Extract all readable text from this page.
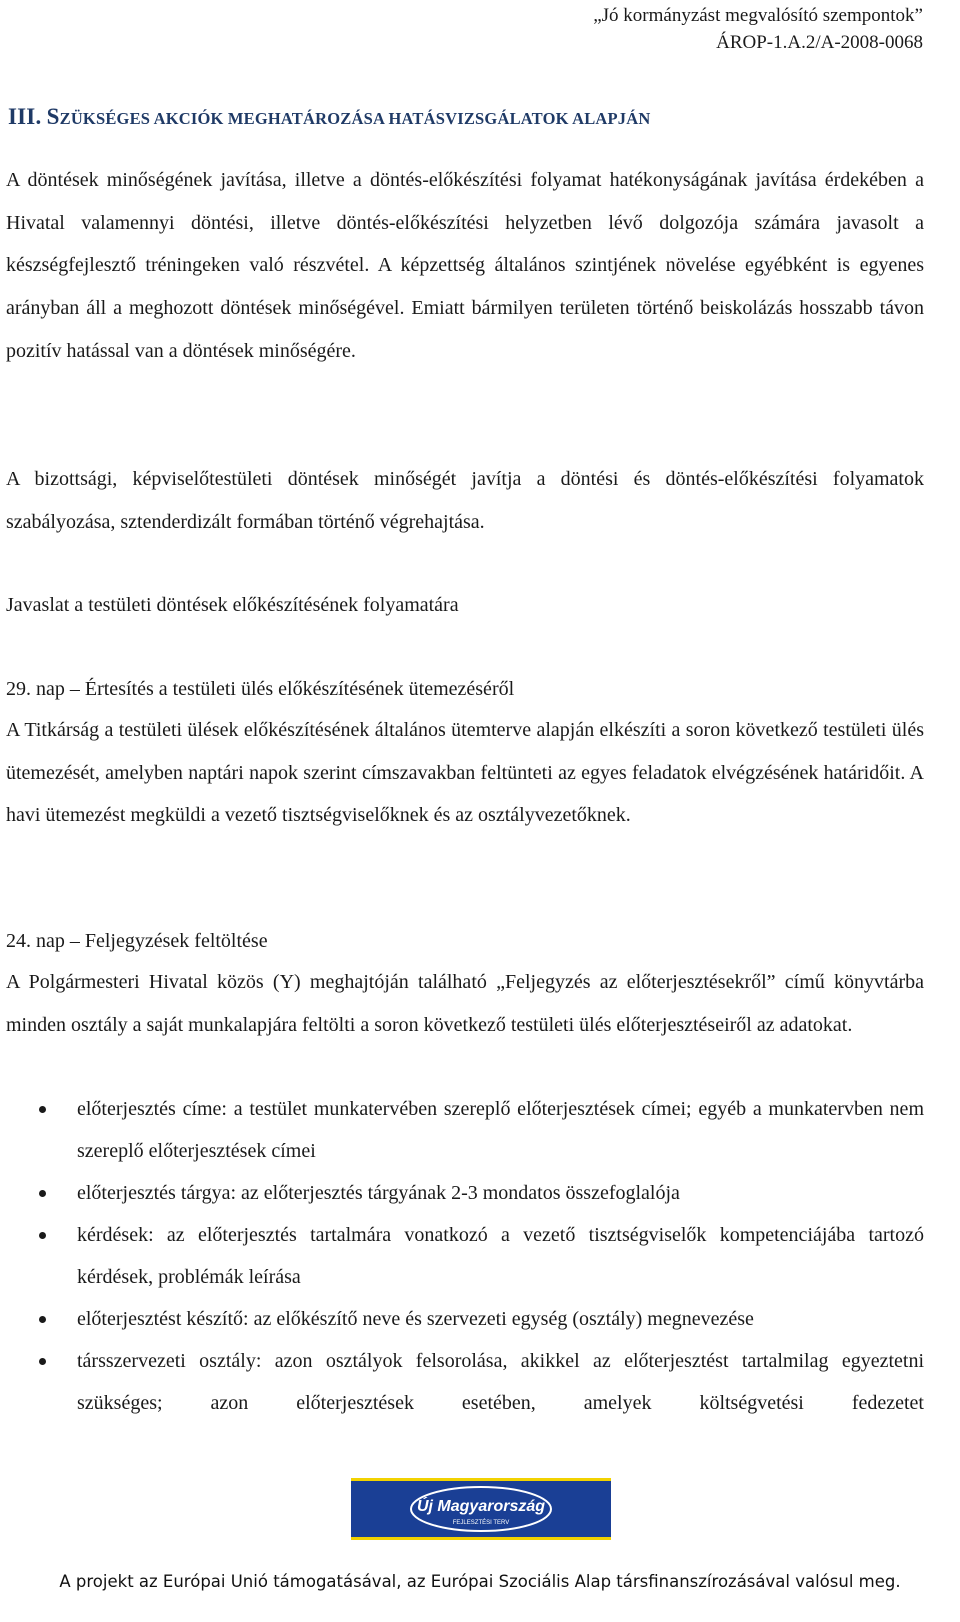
„Jó kormányzást megvalósító szempontok”
ÁROP-1.A.2/A-2008-0068
III. SZÜKSÉGES AKCIÓK MEGHATÁROZÁSA HATÁSVIZSGÁLATOK ALAPJÁN

A döntések minőségének javítása, illetve a döntés-előkészítési folyamat hatékonyságának javítása érdekében a Hivatal valamennyi döntési, illetve döntés-előkészítési helyzetben lévő dolgozója számára javasolt a készségfejlesztő tréningeken való részvétel. A képzettség általános szintjének növelése egyébként is egyenes arányban áll a meghozott döntések minőségével. Emiatt bármilyen területen történő beiskolázás hosszabb távon pozitív hatással van a döntések minőségére.

A bizottsági, képviselőtestületi döntések minőségét javítja a döntési és döntés-előkészítési folyamatok szabályozása, sztenderdizált formában történő végrehajtása.

Javaslat a testületi döntések előkészítésének folyamatára

29. nap – Értesítés a testületi ülés előkészítésének ütemezéséről

A Titkárság a testületi ülések előkészítésének általános ütemterve alapján elkészíti a soron következő testületi ülés ütemezését, amelyben naptári napok szerint címszavakban feltünteti az egyes feladatok elvégzésének határidőit. A havi ütemezést megküldi a vezető tisztségviselőknek és az osztályvezetőknek.

24. nap – Feljegyzések feltöltése

A Polgármesteri Hivatal közös (Y) meghajtóján található „Feljegyzés az előterjesztésekről” című könyvtárba minden osztály a saját munkalapjára feltölti a soron következő testületi ülés előterjesztéseiről az adatokat.

előterjesztés címe: a testület munkatervében szereplő előterjesztések címei; egyéb a munkatervben nem szereplő előterjesztések címei
előterjesztés tárgya: az előterjesztés tárgyának 2-3 mondatos összefoglalója
kérdések: az előterjesztés tartalmára vonatkozó a vezető tisztségviselők kompetenciájába tartozó kérdések, problémák leírása
előterjesztést készítő: az előkészítő neve és szervezeti egység (osztály) megnevezése
társszervezeti osztály: azon osztályok felsorolása, akikkel az előterjesztést tartalmilag egyeztetni szükséges; azon előterjesztések esetében, amelyek költségvetési fedezetet
Új Magyarország
FEJLESZTÉSI TERV
A projekt az Európai Unió támogatásával, az Európai Szociális Alap társfinanszírozásával valósul meg.
